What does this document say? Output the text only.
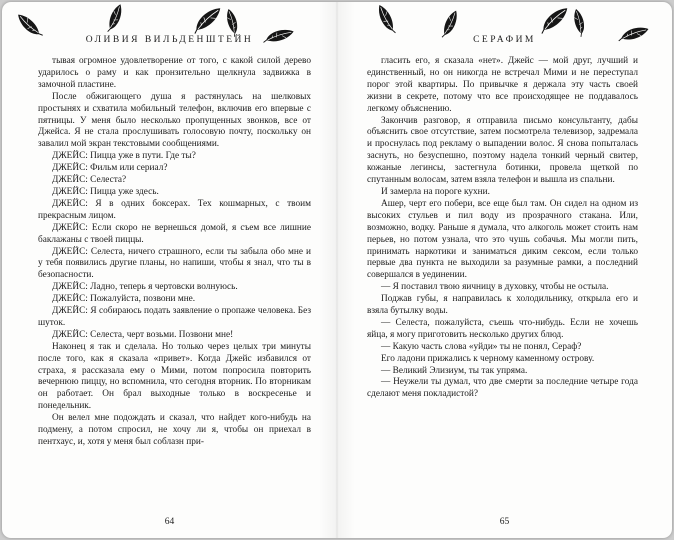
ОЛИВИЯ ВИЛЬДЕНШТЕЙН

тывая огромное удовлетворение от того, с какой силой дерево ударилось о раму и как пронзительно щелкнула задвижка в замочной пластине.

После обжигающего душа я растянулась на шелковых простынях и схватила мобильный телефон, включив его впервые с пятницы. У меня было несколько пропущенных звонков, все от Джейса. Я не стала прослушивать голосовую почту, поскольку он завалил мой экран текстовыми сообщениями.

ДЖЕЙС: Пицца уже в пути. Где ты?

ДЖЕЙС: Фильм или сериал?

ДЖЕЙС: Селеста?

ДЖЕЙС: Пицца уже здесь.

ДЖЕЙС: Я в одних боксерах. Тех кошмарных, с твоим прекрасным лицом.

ДЖЕЙС: Если скоро не вернешься домой, я съем все лишние баклажаны с твоей пиццы.

ДЖЕЙС: Селеста, ничего страшного, если ты забыла обо мне и у тебя появились другие планы, но напиши, чтобы я знал, что ты в безопасности.

ДЖЕЙС: Ладно, теперь я чертовски волнуюсь.

ДЖЕЙС: Пожалуйста, позвони мне.

ДЖЕЙС: Я собираюсь подать заявление о пропаже человека. Без шуток.

ДЖЕЙС: Селеста, черт возьми. Позвони мне!

Наконец я так и сделала. Но только через целых три минуты после того, как я сказала «привет». Когда Джейс избавился от страха, я рассказала ему о Мими, потом попросила повторить вечернюю пиццу, но вспомнила, что сегодня вторник. По вторникам он работает. Он брал выходные только в воскресенье и понедельник.

Он велел мне подождать и сказал, что найдет кого-нибудь на подмену, а потом спросил, не хочу ли я, чтобы он приехал в пентхаус, и, хотя у меня был соблазн при-

64
СЕРАФИМ

гласить его, я сказала «нет». Джейс — мой друг, лучший и единственный, но он никогда не встречал Мими и не переступал порог этой квартиры. По привычке я держала эту часть своей жизни в секрете, потому что все происходящее не поддавалось легкому объяснению.

Закончив разговор, я отправила письмо консультанту, дабы объяснить свое отсутствие, затем посмотрела телевизор, задремала и проснулась под рекламу о выпадении волос. Я снова попыталась заснуть, но безуспешно, поэтому надела тонкий черный свитер, кожаные легинсы, застегнула ботинки, провела щеткой по спутанным волосам, затем взяла телефон и вышла из спальни.

И замерла на пороге кухни.

Ашер, черт его побери, все еще был там. Он сидел на одном из высоких стульев и пил воду из прозрачного стакана. Или, возможно, водку. Раньше я думала, что алкоголь может стоить нам перьев, но потом узнала, что это чушь собачья. Мы могли пить, принимать наркотики и заниматься диким сексом, если только первые два пункта не выходили за разумные рамки, а последний совершался в уединении.

— Я поставил твою яичницу в духовку, чтобы не остыла.

Поджав губы, я направилась к холодильнику, открыла его и взяла бутылку воды.

— Селеста, пожалуйста, съешь что-нибудь. Если не хочешь яйца, я могу приготовить несколько других блюд.

— Какую часть слова «уйди» ты не понял, Сераф?

Его ладони прижались к черному каменному острову.

— Великий Элизиум, ты так упряма.

— Неужели ты думал, что две смерти за последние четыре года сделают меня покладистой?

65
